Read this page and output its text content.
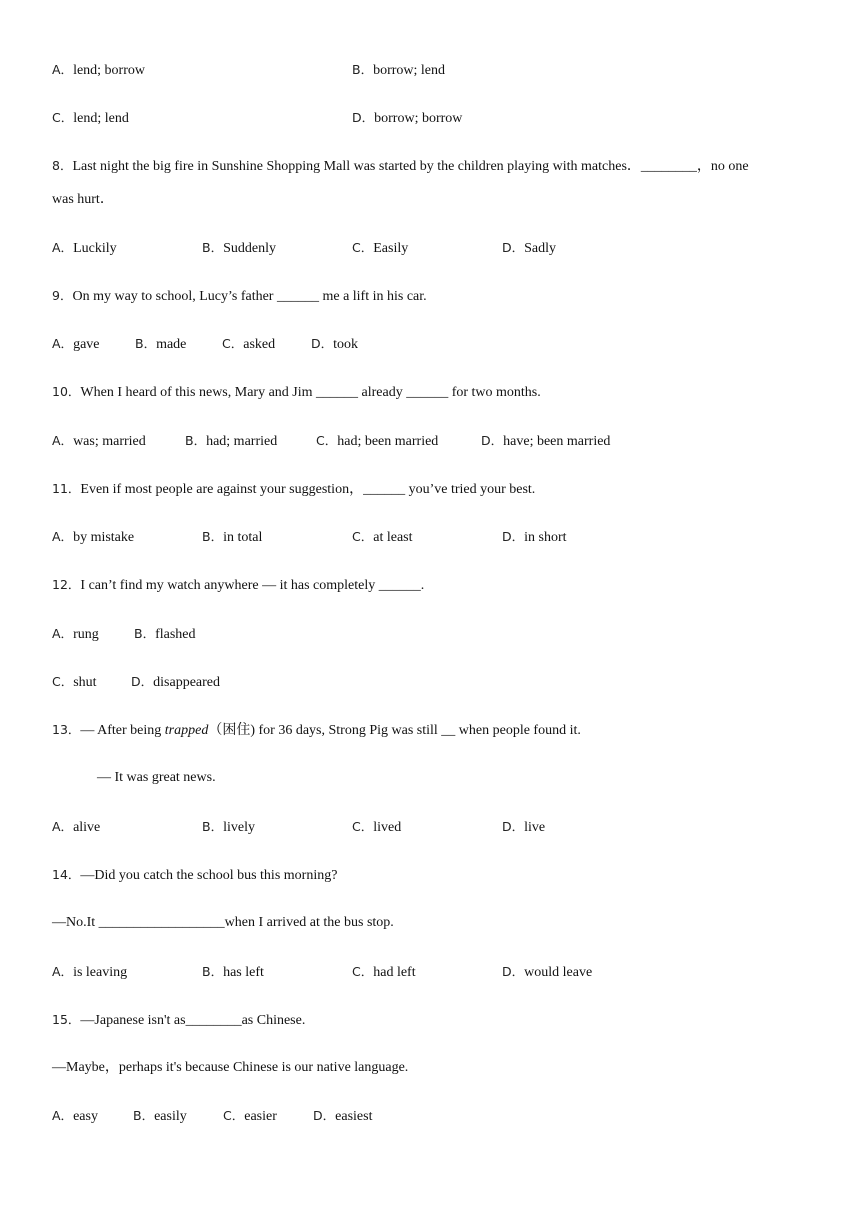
A．lend; borrow	B．borrow; lend
C．lend; lend	D．borrow; borrow
8．Last night the big fire in Sunshine Shopping Mall was started by the children playing with matches．________，no one
was hurt．
A．Luckily	B．Suddenly	C．Easily	D．Sadly
9．On my way to school, Lucy’s father ______ me a lift in his car.
A．gave	B．made	C．asked	D．took
10．When I heard of this news, Mary and Jim ______ already ______ for two months.
A．was; married	B．had; married	C．had; been married	D．have; been married
11．Even if most people are against your suggestion，______ you’ve tried your best.
A．by mistake	B．in total	C．at least	D．in short
12．I can’t find my watch anywhere — it has completely ______.
A．rung	B．flashed
C．shut	D．disappeared
13．— After being trapped（困住) for 36 days, Strong Pig was still __ when people found it.
— It was great news.
A．alive	B．lively	C．lived	D．live
14．—Did you catch the school bus this morning?
—No.It __________________when I arrived at the bus stop.
A．is leaving	B．has left	C．had left	D．would leave
15．—Japanese isn't as________as Chinese.
—Maybe，perhaps it's because Chinese is our native language.
A．easy	B．easily	C．easier	D．easiest
